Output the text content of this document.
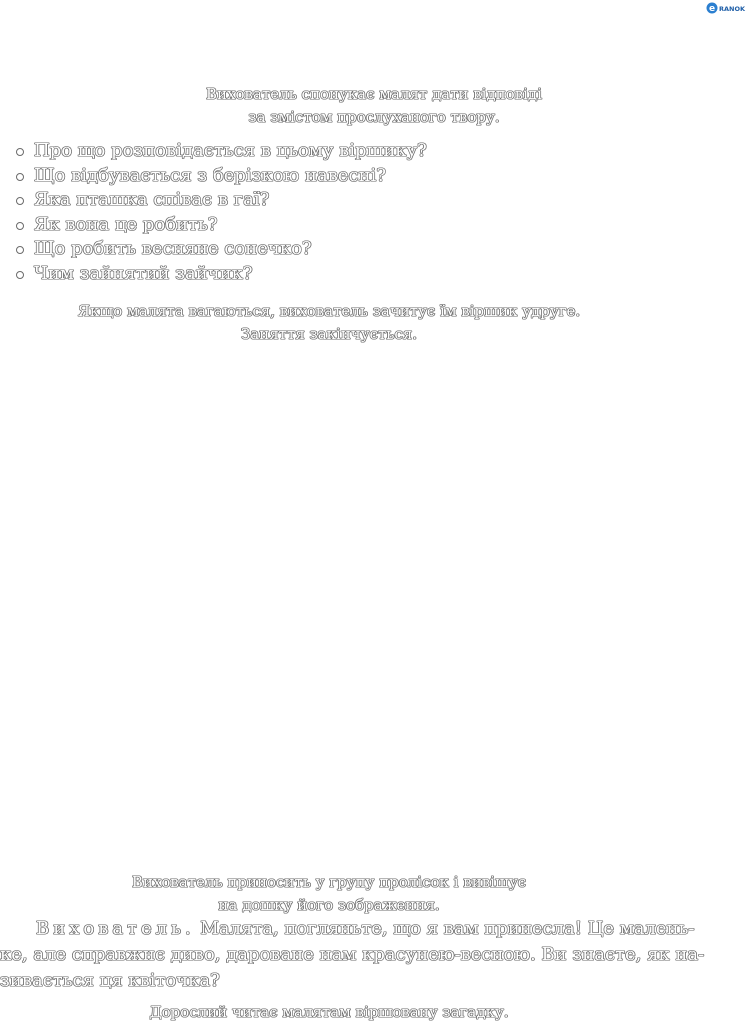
e RANOK
Вихователь спонукає малят дати відповіді
за змістом прослуханого твору.
Про що розповідається в цьому віршику?
Що відбувається з берізкою навесні?
Яка пташка співає в гаї?
Як вона це робить?
Що робить весняне сонечко?
Чим зайнятий зайчик?
Якщо малята вагаються, вихователь зачитує їм віршик удруге.
Заняття закінчується.
Вихователь приносить у групу пролісок і вивішує
на дошку його зображення.
Вихователь. Малята, погляньте, що я вам принесла! Це малень-
ке, але справжнє диво, дароване нам красунею-весною. Ви знаєте, як на-
зивається ця квіточка?
Дорослий читає малятам віршовану загадку.
